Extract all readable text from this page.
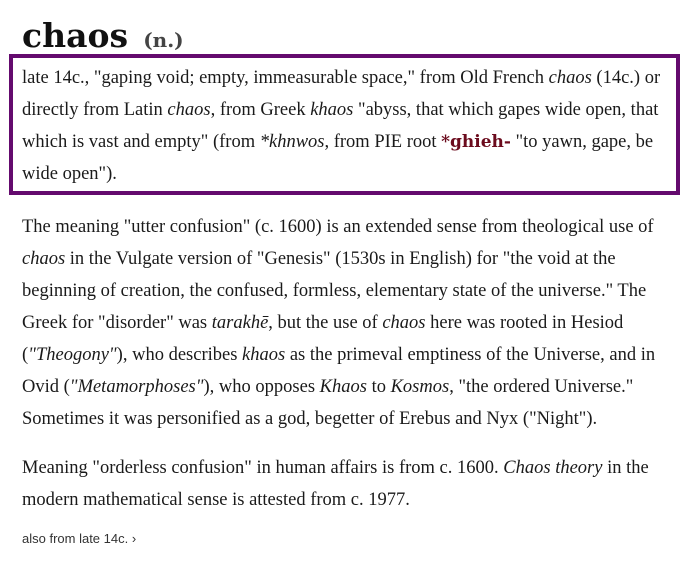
chaos (n.)

late 14c., "gaping void; empty, immeasurable space," from Old French chaos (14c.) or directly from Latin chaos, from Greek khaos "abyss, that which gapes wide open, that which is vast and empty" (from *khnwos, from PIE root *ghieh- "to yawn, gape, be wide open").

The meaning "utter confusion" (c. 1600) is an extended sense from theological use of chaos in the Vulgate version of "Genesis" (1530s in English) for "the void at the beginning of creation, the confused, formless, elementary state of the universe." The Greek for "disorder" was tarakhē, but the use of chaos here was rooted in Hesiod ("Theogony"), who describes khaos as the primeval emptiness of the Universe, and in Ovid ("Metamorphoses"), who opposes Khaos to Kosmos, "the ordered Universe." Sometimes it was personified as a god, begetter of Erebus and Nyx ("Night").

Meaning "orderless confusion" in human affairs is from c. 1600. Chaos theory in the modern mathematical sense is attested from c. 1977.

also from late 14c. ›
